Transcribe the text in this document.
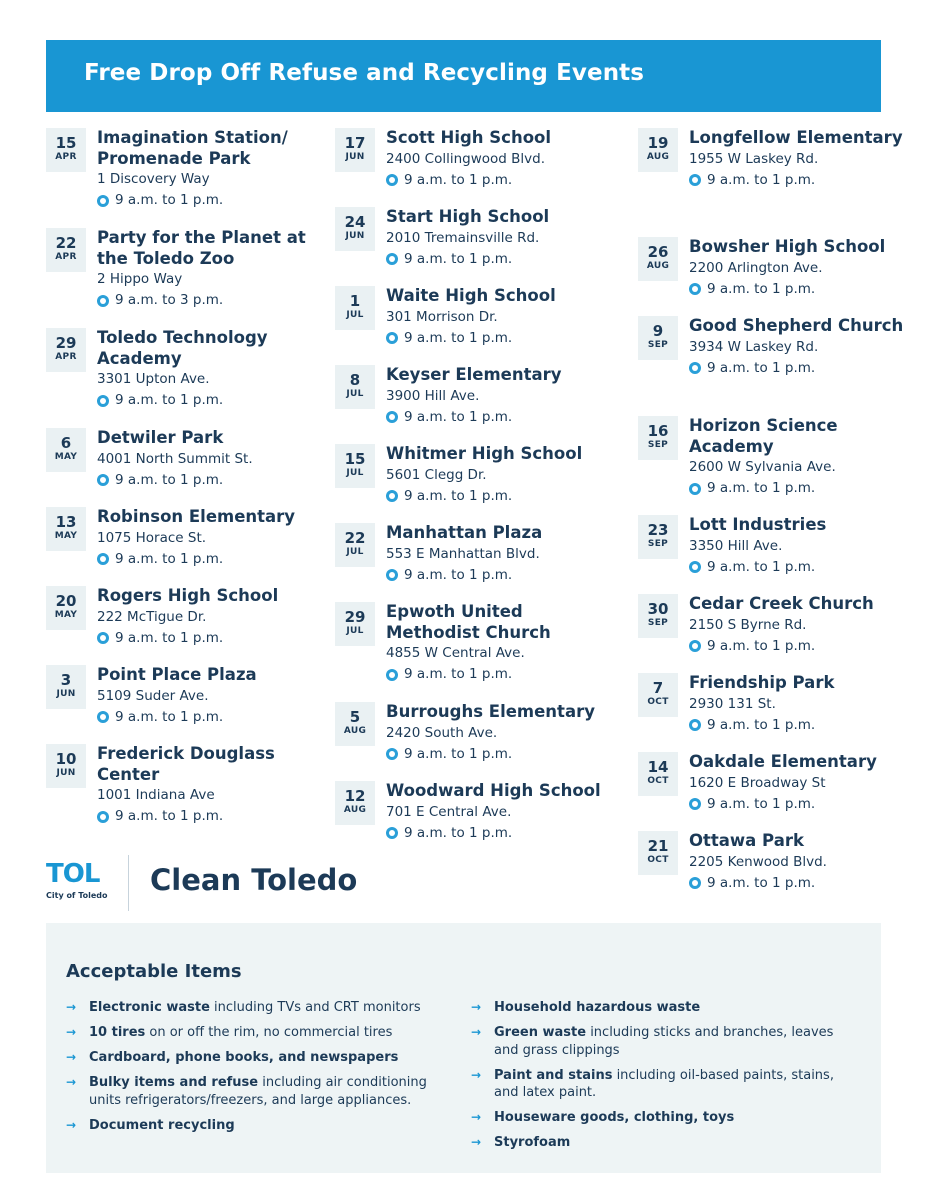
Free Drop Off Refuse and Recycling Events
15
APR
Imagination Station/ Promenade Park
1 Discovery Way
9 a.m. to 1 p.m.
22
APR
Party for the Planet at the Toledo Zoo
2 Hippo Way
9 a.m. to 3 p.m.
29
APR
Toledo Technology Academy
3301 Upton Ave.
9 a.m. to 1 p.m.
6
MAY
Detwiler Park
4001 North Summit St.
9 a.m. to 1 p.m.
13
MAY
Robinson Elementary
1075 Horace St.
9 a.m. to 1 p.m.
20
MAY
Rogers High School
222 McTigue Dr.
9 a.m. to 1 p.m.
3
JUN
Point Place Plaza
5109 Suder Ave.
9 a.m. to 1 p.m.
10
JUN
Frederick Douglass Center
1001 Indiana Ave
9 a.m. to 1 p.m.
17
JUN
Scott High School
2400 Collingwood Blvd.
9 a.m. to 1 p.m.
24
JUN
Start High School
2010 Tremainsville Rd.
9 a.m. to 1 p.m.
1
JUL
Waite High School
301 Morrison Dr.
9 a.m. to 1 p.m.
8
JUL
Keyser Elementary
3900 Hill Ave.
9 a.m. to 1 p.m.
15
JUL
Whitmer High School
5601 Clegg Dr.
9 a.m. to 1 p.m.
22
JUL
Manhattan Plaza
553 E Manhattan Blvd.
9 a.m. to 1 p.m.
29
JUL
Epwoth United Methodist Church
4855 W Central Ave.
9 a.m. to 1 p.m.
5
AUG
Burroughs Elementary
2420 South Ave.
9 a.m. to 1 p.m.
12
AUG
Woodward High School
701 E Central Ave.
9 a.m. to 1 p.m.
19
AUG
Longfellow Elementary
1955 W Laskey Rd.
9 a.m. to 1 p.m.
26
AUG
Bowsher High School
2200 Arlington Ave.
9 a.m. to 1 p.m.
9
SEP
Good Shepherd Church
3934 W Laskey Rd.
9 a.m. to 1 p.m.
16
SEP
Horizon Science Academy
2600 W Sylvania Ave.
9 a.m. to 1 p.m.
23
SEP
Lott Industries
3350 Hill Ave.
9 a.m. to 1 p.m.
30
SEP
Cedar Creek Church
2150 S Byrne Rd.
9 a.m. to 1 p.m.
7
OCT
Friendship Park
2930 131 St.
9 a.m. to 1 p.m.
14
OCT
Oakdale Elementary
1620 E Broadway St
9 a.m. to 1 p.m.
21
OCT
Ottawa Park
2205 Kenwood Blvd.
9 a.m. to 1 p.m.
TOL
City of Toledo Clean Toledo
Acceptable Items
→ Electronic waste including TVs and CRT monitors
→ 10 tires on or off the rim, no commercial tires
→ Cardboard, phone books, and newspapers
→ Bulky items and refuse including air conditioning units refrigerators/freezers, and large appliances.
→ Document recycling
→ Household hazardous waste
→ Green waste including sticks and branches, leaves and grass clippings
→ Paint and stains including oil-based paints, stains, and latex paint.
→ Houseware goods, clothing, toys
→ Styrofoam
